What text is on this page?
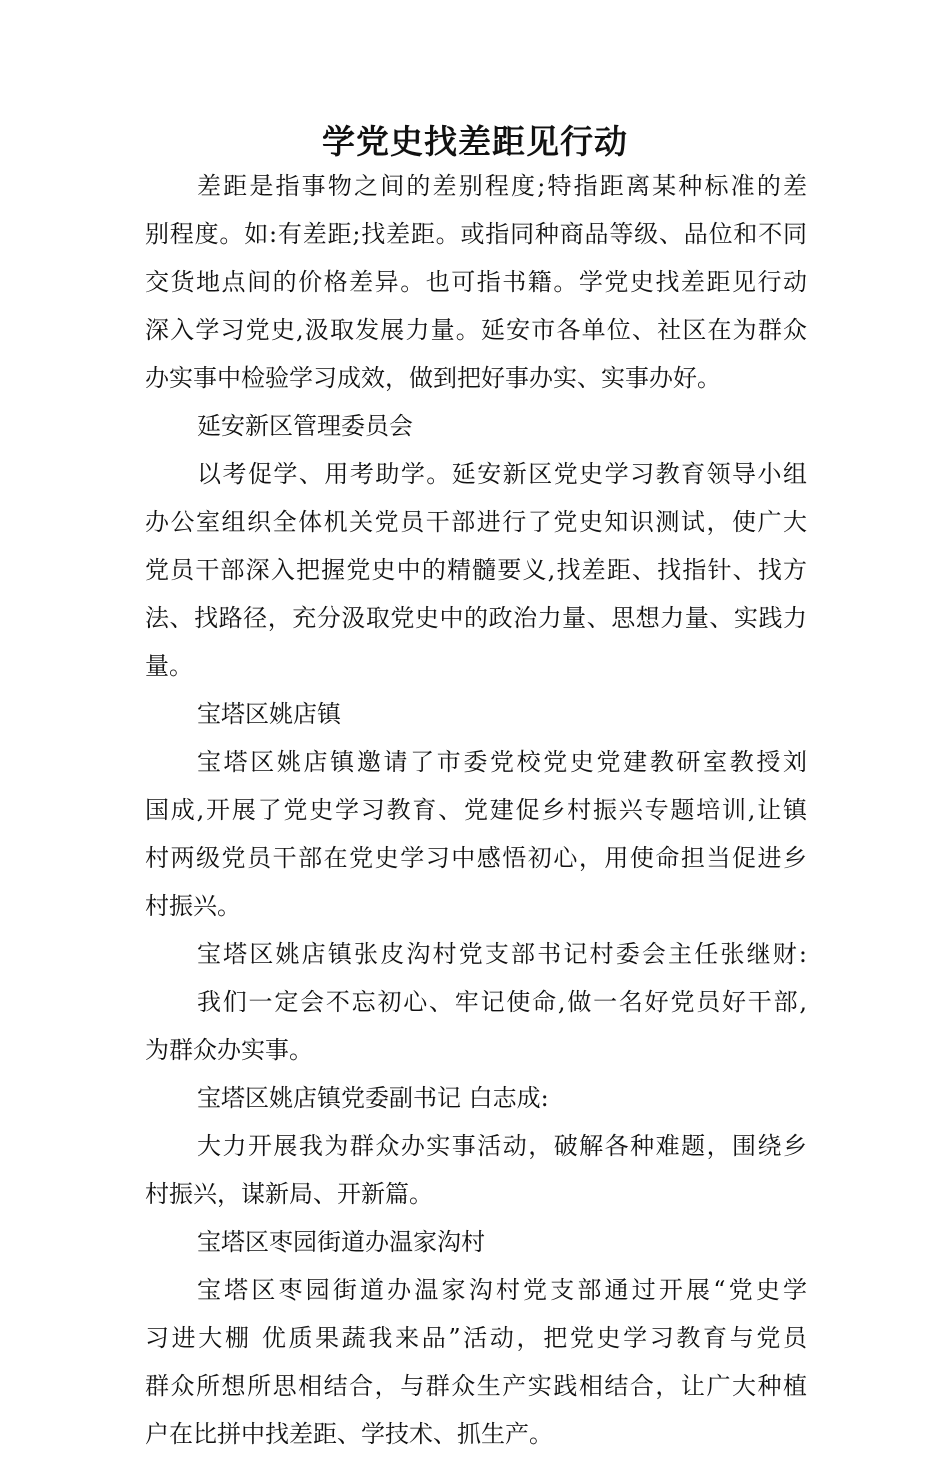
学党史找差距见行动
差距是指事物之间的差别程度;特指距离某种标准的差
别程度。如:有差距;找差距。或指同种商品等级、品位和不同
交货地点间的价格差异。也可指书籍。学党史找差距见行动
深入学习党史,汲取发展力量。延安市各单位、社区在为群众
办实事中检验学习成效，做到把好事办实、实事办好。
延安新区管理委员会
以考促学、用考助学。延安新区党史学习教育领导小组
办公室组织全体机关党员干部进行了党史知识测试，使广大
党员干部深入把握党史中的精髓要义,找差距、找指针、找方
法、找路径，充分汲取党史中的政治力量、思想力量、实践力
量。
宝塔区姚店镇
宝塔区姚店镇邀请了市委党校党史党建教研室教授刘
国成,开展了党史学习教育、党建促乡村振兴专题培训,让镇
村两级党员干部在党史学习中感悟初心，用使命担当促进乡
村振兴。
宝塔区姚店镇张皮沟村党支部书记村委会主任张继财:
我们一定会不忘初心、牢记使命,做一名好党员好干部,
为群众办实事。
宝塔区姚店镇党委副书记 白志成:
大力开展我为群众办实事活动，破解各种难题，围绕乡
村振兴，谋新局、开新篇。
宝塔区枣园街道办温家沟村
宝塔区枣园街道办温家沟村党支部通过开展“党史学
习进大棚 优质果蔬我来品”活动，把党史学习教育与党员
群众所想所思相结合，与群众生产实践相结合，让广大种植
户在比拼中找差距、学技术、抓生产。
